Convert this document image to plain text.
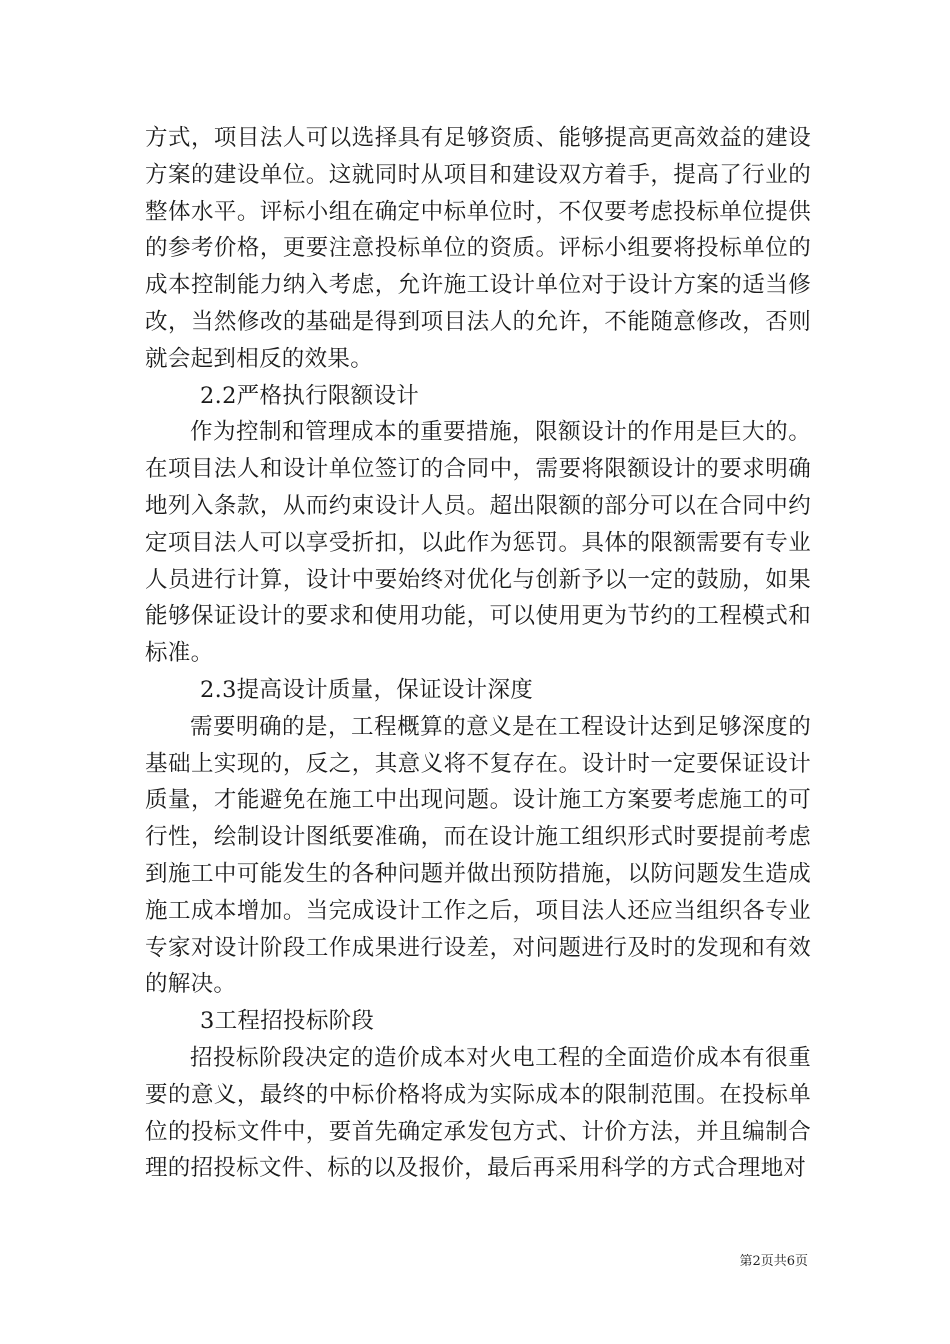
方式，项目法人可以选择具有足够资质、能够提高更高效益的建设方案的建设单位。这就同时从项目和建设双方着手，提高了行业的整体水平。评标小组在确定中标单位时，不仅要考虑投标单位提供的参考价格，更要注意投标单位的资质。评标小组要将投标单位的成本控制能力纳入考虑，允许施工设计单位对于设计方案的适当修改，当然修改的基础是得到项目法人的允许，不能随意修改，否则就会起到相反的效果。

2.2严格执行限额设计

作为控制和管理成本的重要措施，限额设计的作用是巨大的。在项目法人和设计单位签订的合同中，需要将限额设计的要求明确地列入条款，从而约束设计人员。超出限额的部分可以在合同中约定项目法人可以享受折扣，以此作为惩罚。具体的限额需要有专业人员进行计算，设计中要始终对优化与创新予以一定的鼓励，如果能够保证设计的要求和使用功能，可以使用更为节约的工程模式和标准。

2.3提高设计质量，保证设计深度

需要明确的是，工程概算的意义是在工程设计达到足够深度的基础上实现的，反之，其意义将不复存在。设计时一定要保证设计质量，才能避免在施工中出现问题。设计施工方案要考虑施工的可行性，绘制设计图纸要准确，而在设计施工组织形式时要提前考虑到施工中可能发生的各种问题并做出预防措施，以防问题发生造成施工成本增加。当完成设计工作之后，项目法人还应当组织各专业专家对设计阶段工作成果进行设差，对问题进行及时的发现和有效的解决。

3工程招投标阶段

招投标阶段决定的造价成本对火电工程的全面造价成本有很重要的意义，最终的中标价格将成为实际成本的限制范围。在投标单位的投标文件中，要首先确定承发包方式、计价方法，并且编制合理的招投标文件、标的以及报价，最后再采用科学的方式合理地对

第2页共6页
